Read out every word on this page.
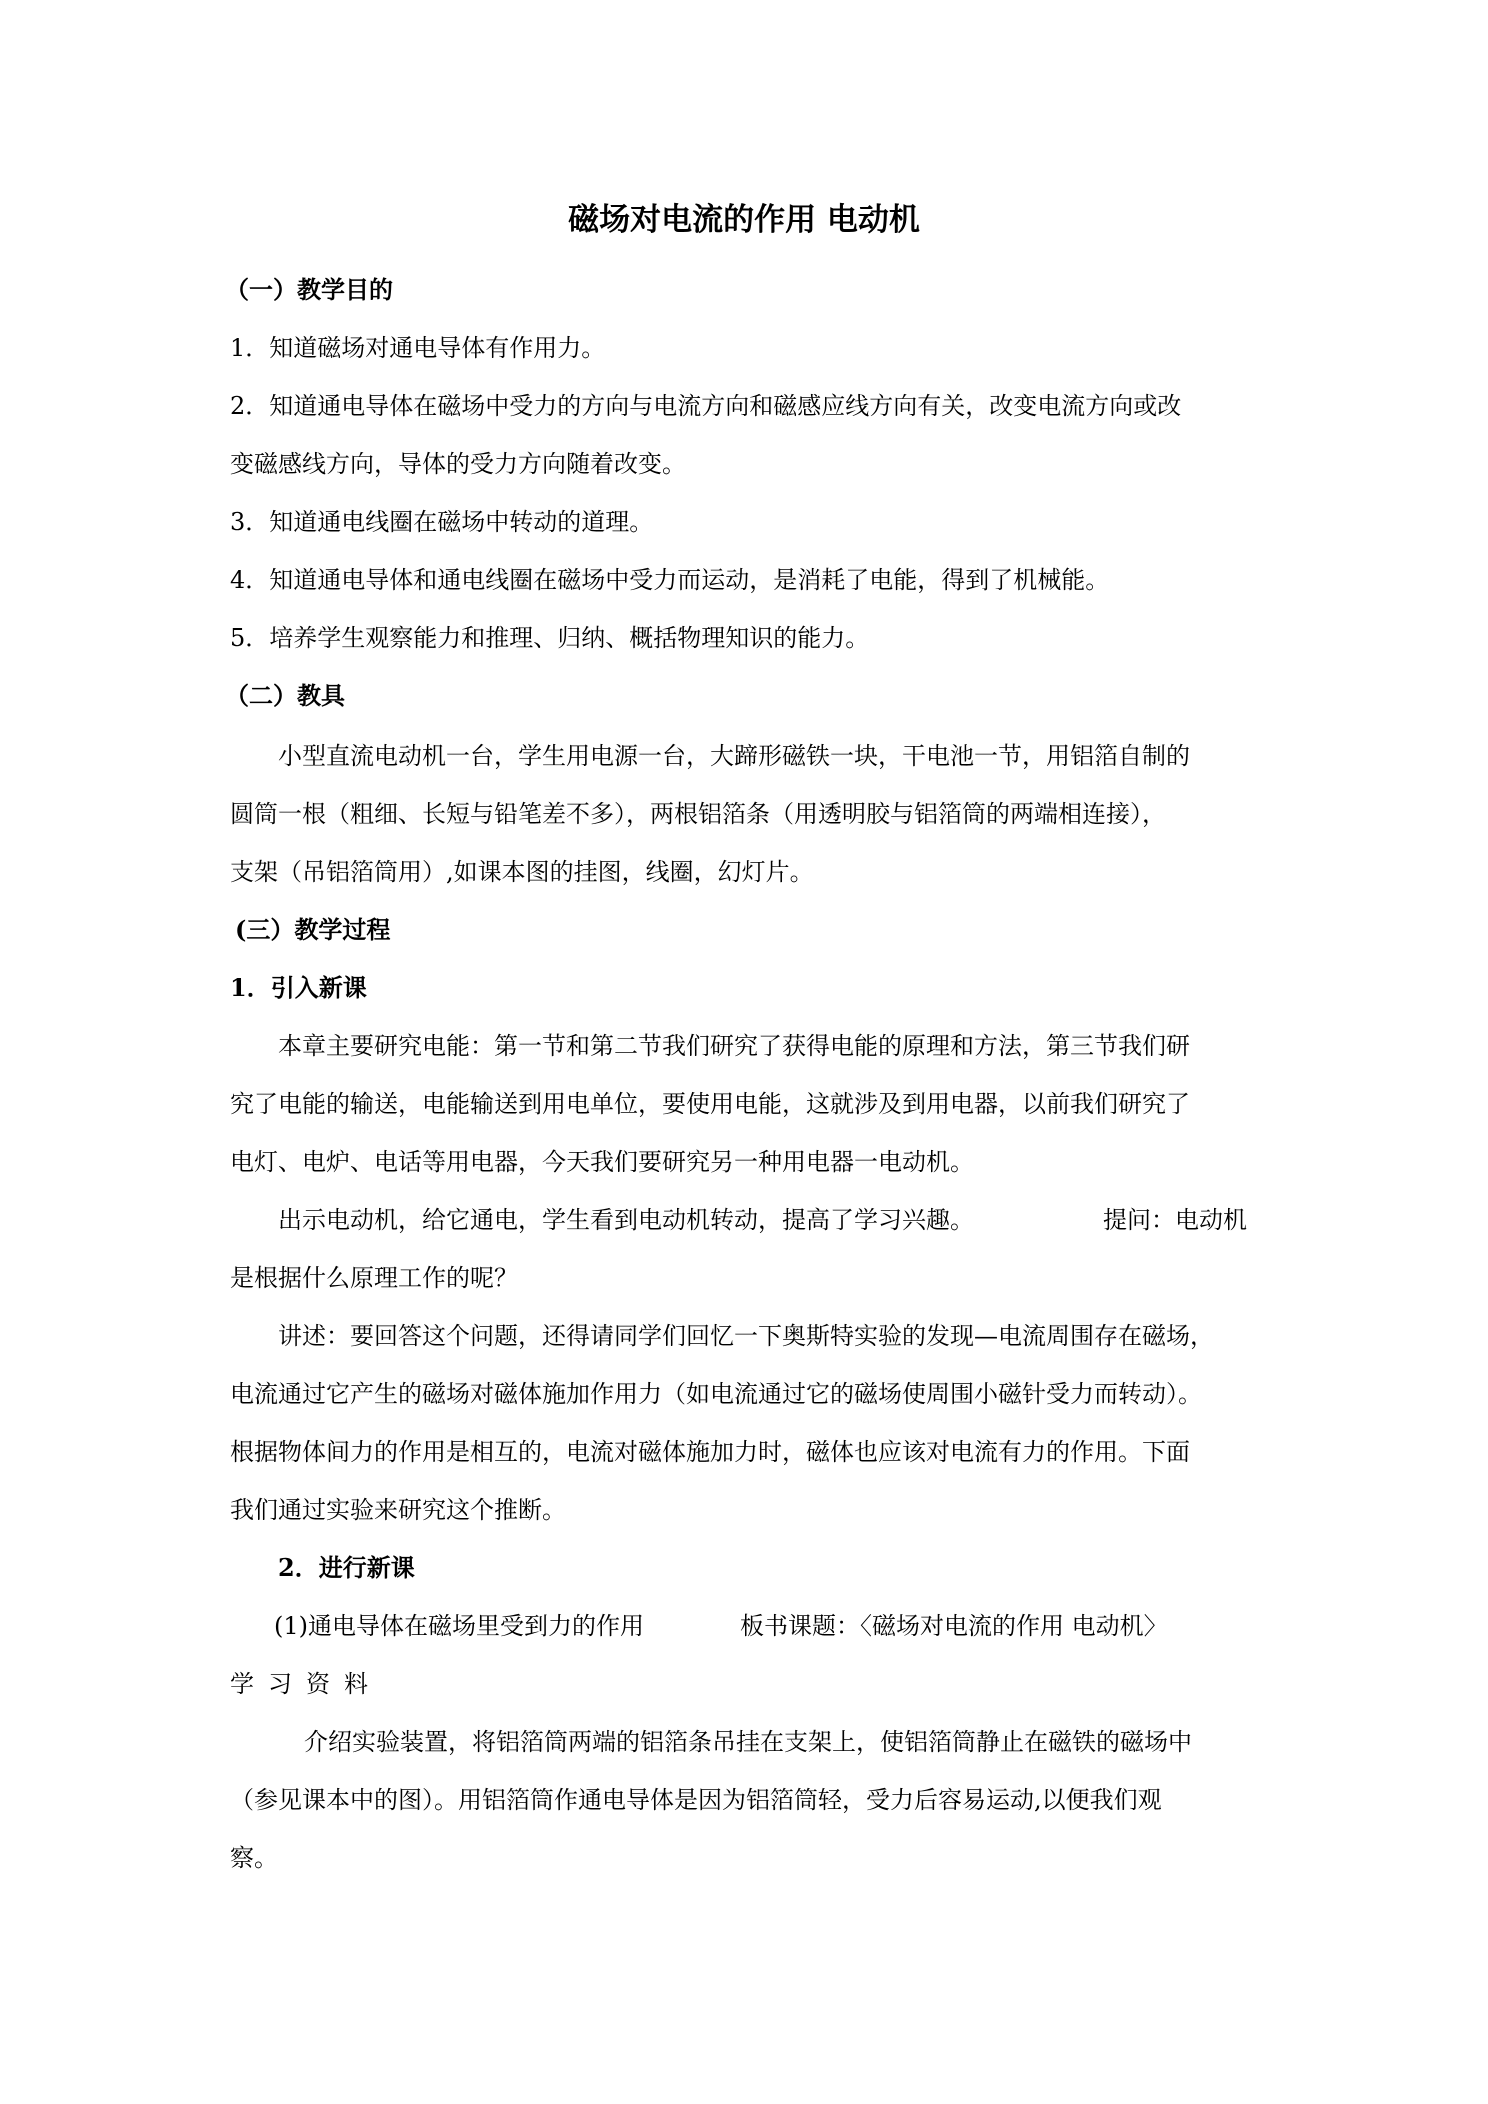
磁场对电流的作用 电动机
（一）教学目的
1．知道磁场对通电导体有作用力。
2．知道通电导体在磁场中受力的方向与电流方向和磁感应线方向有关，改变电流方向或改
变磁感线方向，导体的受力方向随着改变。
3．知道通电线圈在磁场中转动的道理。
4．知道通电导体和通电线圈在磁场中受力而运动，是消耗了电能，得到了机械能。
5．培养学生观察能力和推理、归纳、概括物理知识的能力。
（二）教具
小型直流电动机一台，学生用电源一台，大蹄形磁铁一块，干电池一节，用铝箔自制的
圆筒一根（粗细、长短与铅笔差不多），两根铝箔条（用透明胶与铝箔筒的两端相连接），
支架（吊铝箔筒用）,如课本图的挂图，线圈，幻灯片。
(三）教学过程
1．引入新课
本章主要研究电能：第一节和第二节我们研究了获得电能的原理和方法，第三节我们研
究了电能的输送，电能输送到用电单位，要使用电能，这就涉及到用电器，以前我们研究了
电灯、电炉、电话等用电器，今天我们要研究另一种用电器一电动机。
出示电动机，给它通电，学生看到电动机转动，提高了学习兴趣。	提问：电动机
是根据什么原理工作的呢？
讲述：要回答这个问题，还得请同学们回忆一下奥斯特实验的发现—电流周围存在磁场，
电流通过它产生的磁场对磁体施加作用力（如电流通过它的磁场使周围小磁针受力而转动）。
根据物体间力的作用是相互的，电流对磁体施加力时，磁体也应该对电流有力的作用。下面
我们通过实验来研究这个推断。
2．进行新课
(1)通电导体在磁场里受到力的作用	板书课题：〈磁场对电流的作用 电动机〉
学习资料
介绍实验装置，将铝箔筒两端的铝箔条吊挂在支架上，使铝箔筒静止在磁铁的磁场中
（参见课本中的图）。用铝箔筒作通电导体是因为铝箔筒轻，受力后容易运动,以便我们观
察。
